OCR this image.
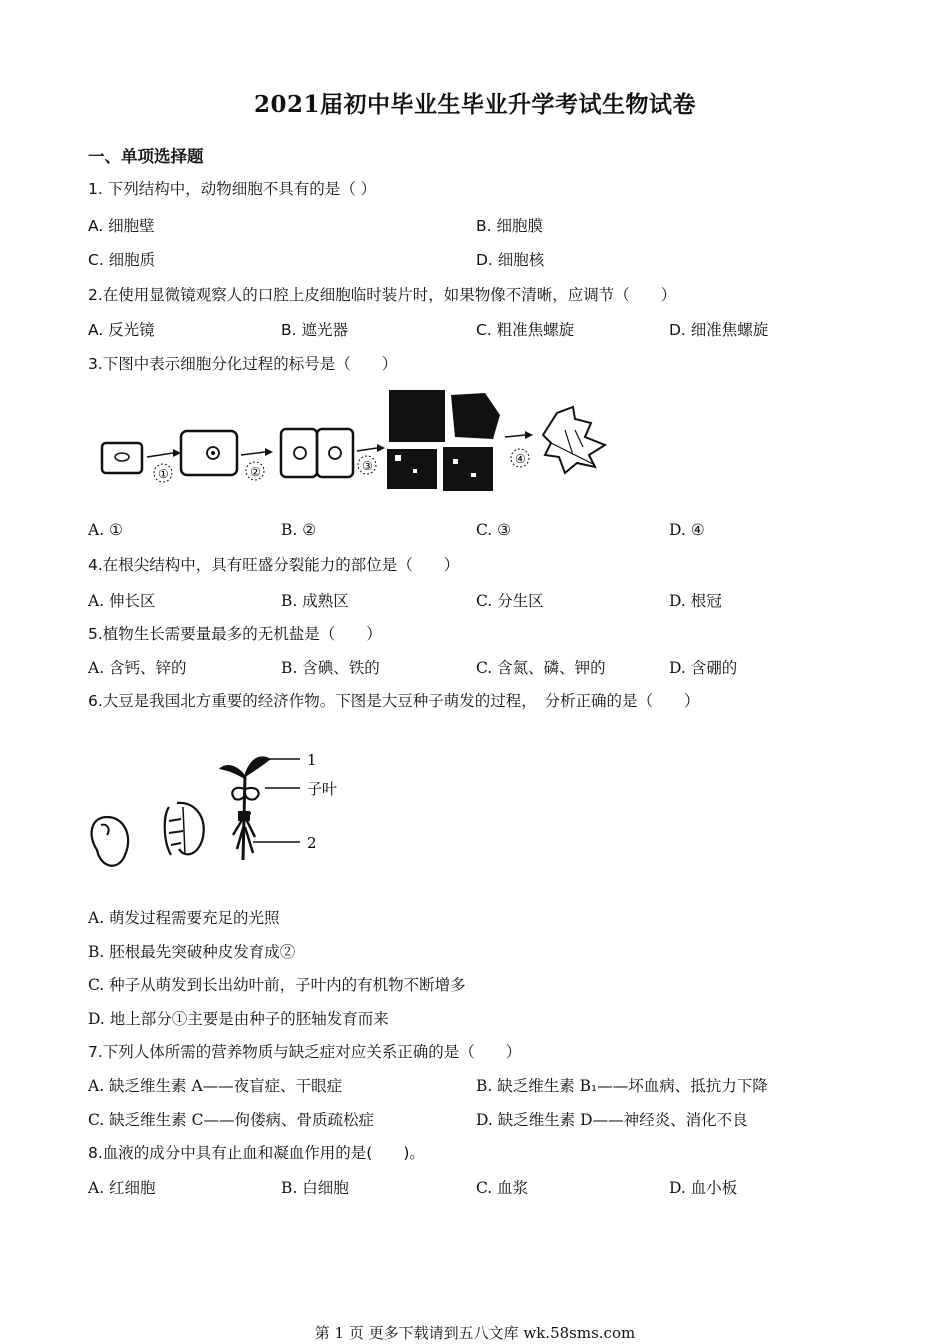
2021届初中毕业生毕业升学考试生物试卷
一、单项选择题
1. 下列结构中，动物细胞不具有的是（ ）
A. 细胞壁	B. 细胞膜
C. 细胞质	D. 细胞核
2.在使用显微镜观察人的口腔上皮细胞临时装片时，如果物像不清晰，应调节（　　）
A. 反光镜	B. 遮光器	C. 粗准焦螺旋	D. 细准焦螺旋
3.下图中表示细胞分化过程的标号是（　　）
①	②	③	④
A. ①	B. ②	C. ③	D. ④
4.在根尖结构中，具有旺盛分裂能力的部位是（　　）
A. 伸长区	B. 成熟区	C. 分生区	D. 根冠
5.植物生长需要量最多的无机盐是（　　）
A. 含钙、锌的	B. 含碘、铁的	C. 含氮、磷、钾的	D. 含硼的
6.大豆是我国北方重要的经济作物。下图是大豆种子萌发的过程，　分析正确的是（　　）
1
子叶
2
A. 萌发过程需要充足的光照
B. 胚根最先突破种皮发育成②
C. 种子从萌发到长出幼叶前，子叶内的有机物不断增多
D. 地上部分①主要是由种子的胚轴发育而来
7.下列人体所需的营养物质与缺乏症对应关系正确的是（　　）
A. 缺乏维生素 A——夜盲症、干眼症	B. 缺乏维生素 B₁——坏血病、抵抗力下降
C. 缺乏维生素 C——佝偻病、骨质疏松症	D. 缺乏维生素 D——神经炎、消化不良
8.血液的成分中具有止血和凝血作用的是(　　)。
A. 红细胞	B. 白细胞	C. 血浆	D. 血小板
第 1 页 更多下载请到五八文库 wk.58sms.com
